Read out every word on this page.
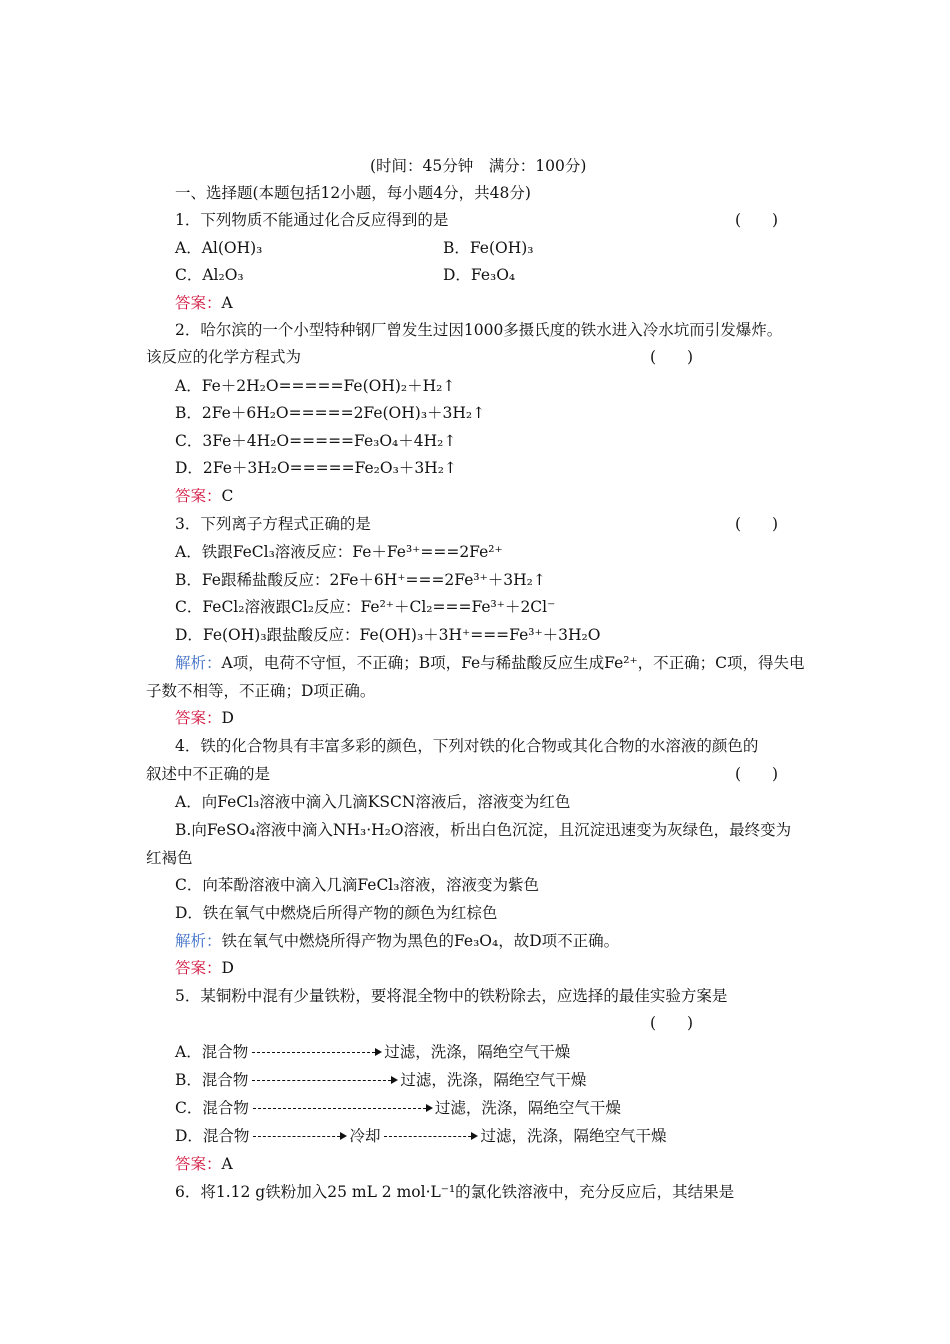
(时间：45分钟　满分：100分)
一、选择题(本题包括12小题，每小题4分，共48分)
1．下列物质不能通过化合反应得到的是	(　　)
A．Al(OH)₃	B．Fe(OH)₃
C．Al₂O₃	D．Fe₃O₄
答案：A
2．哈尔滨的一个小型特种钢厂曾发生过因1000多摄氏度的铁水进入冷水坑而引发爆炸。
该反应的化学方程式为	(　　)
A．Fe＋2H₂O=====Fe(OH)₂＋H₂↑
B．2Fe＋6H₂O=====2Fe(OH)₃＋3H₂↑
C．3Fe＋4H₂O=====Fe₃O₄＋4H₂↑
D．2Fe＋3H₂O=====Fe₂O₃＋3H₂↑
答案：C
3．下列离子方程式正确的是	(　　)
A．铁跟FeCl₃溶液反应：Fe＋Fe³⁺===2Fe²⁺
B．Fe跟稀盐酸反应：2Fe＋6H⁺===2Fe³⁺＋3H₂↑
C．FeCl₂溶液跟Cl₂反应：Fe²⁺＋Cl₂===Fe³⁺＋2Cl⁻
D．Fe(OH)₃跟盐酸反应：Fe(OH)₃＋3H⁺===Fe³⁺＋3H₂O
解析：A项，电荷不守恒，不正确；B项，Fe与稀盐酸反应生成Fe²⁺，不正确；C项，得失电
子数不相等，不正确；D项正确。
答案：D
4．铁的化合物具有丰富多彩的颜色，下列对铁的化合物或其化合物的水溶液的颜色的
叙述中不正确的是	(　　)
A．向FeCl₃溶液中滴入几滴KSCN溶液后，溶液变为红色
B.向FeSO₄溶液中滴入NH₃·H₂O溶液，析出白色沉淀，且沉淀迅速变为灰绿色，最终变为
红褐色
C．向苯酚溶液中滴入几滴FeCl₃溶液，溶液变为紫色
D．铁在氧气中燃烧后所得产物的颜色为红棕色
解析：铁在氧气中燃烧所得产物为黑色的Fe₃O₄，故D项不正确。
答案：D
5．某铜粉中混有少量铁粉，要将混全物中的铁粉除去，应选择的最佳实验方案是
(　　)
A．混合物	过滤，洗涤，隔绝空气干燥
B．混合物	过滤，洗涤，隔绝空气干燥
C．混合物	过滤，洗涤，隔绝空气干燥
D．混合物	冷却	过滤，洗涤，隔绝空气干燥
答案：A
6．将1.12 g铁粉加入25 mL 2 mol·L⁻¹的氯化铁溶液中，充分反应后，其结果是
